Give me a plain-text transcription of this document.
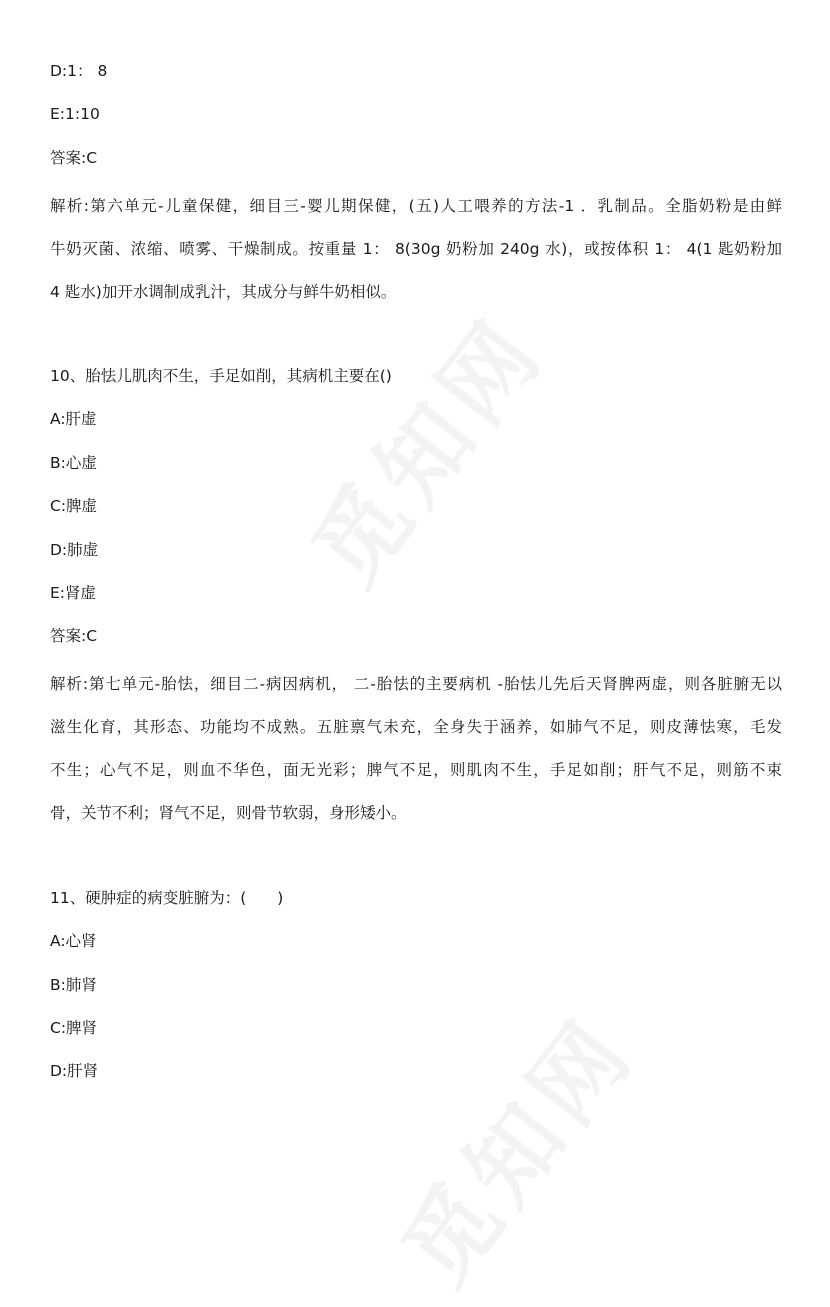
觅知网
觅知网
D:1： 8
E:1:10
答案:C
解析:第六单元-儿童保健，细目三-婴儿期保健，(五)人工喂养的方法-1 ．乳制品。全脂奶粉是由鲜
牛奶灭菌、浓缩、喷雾、干燥制成。按重量 1： 8(30g 奶粉加 240g 水)，或按体积 1： 4(1 匙奶粉加
4 匙水)加开水调制成乳汁，其成分与鲜牛奶相似。
10、胎怯儿肌肉不生，手足如削，其病机主要在()
A:肝虚
B:心虚
C:脾虚
D:肺虚
E:肾虚
答案:C
解析:第七单元-胎怯，细目二-病因病机， 二-胎怯的主要病机 -胎怯儿先后天肾脾两虚，则各脏腑无以
滋生化育，其形态、功能均不成熟。五脏禀气未充，全身失于涵养，如肺气不足，则皮薄怯寒，毛发
不生；心气不足，则血不华色，面无光彩；脾气不足，则肌肉不生，手足如削；肝气不足，则筋不束
骨，关节不利；肾气不足，则骨节软弱，身形矮小。
11、硬肿症的病变脏腑为：(　　)
A:心肾
B:肺肾
C:脾肾
D:肝肾
